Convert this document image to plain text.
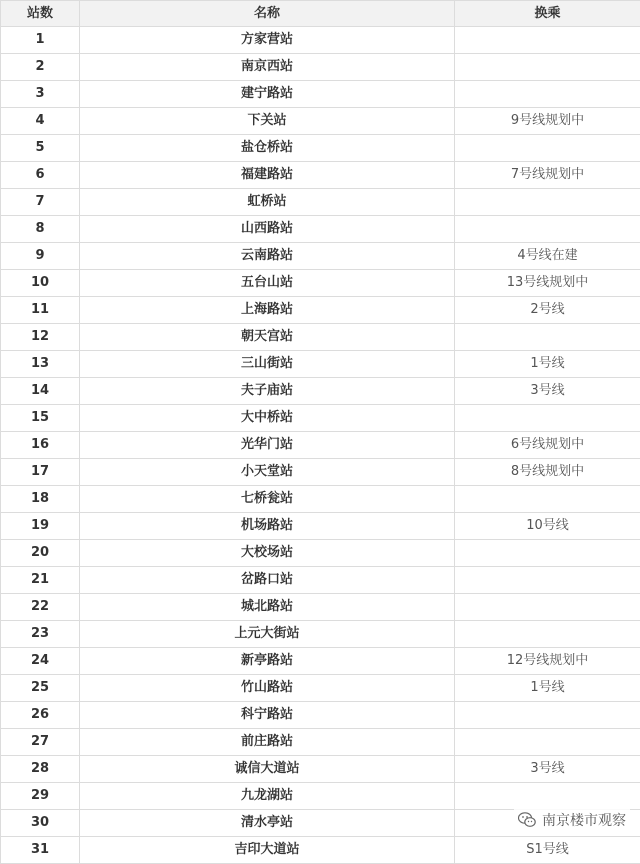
站数	名称	换乘
1	方家营站	
2	南京西站	
3	建宁路站	
4	下关站	9号线规划中
5	盐仓桥站	
6	福建路站	7号线规划中
7	虹桥站	
8	山西路站	
9	云南路站	4号线在建
10	五台山站	13号线规划中
11	上海路站	2号线
12	朝天宫站	
13	三山街站	1号线
14	夫子庙站	3号线
15	大中桥站	
16	光华门站	6号线规划中
17	小天堂站	8号线规划中
18	七桥瓮站	
19	机场路站	10号线
20	大校场站	
21	岔路口站	
22	城北路站	
23	上元大街站	
24	新亭路站	12号线规划中
25	竹山路站	1号线
26	科宁路站	
27	前庄路站	
28	诚信大道站	3号线
29	九龙湖站	
30	清水亭站	
31	吉印大道站	S1号线
南京楼市观察
